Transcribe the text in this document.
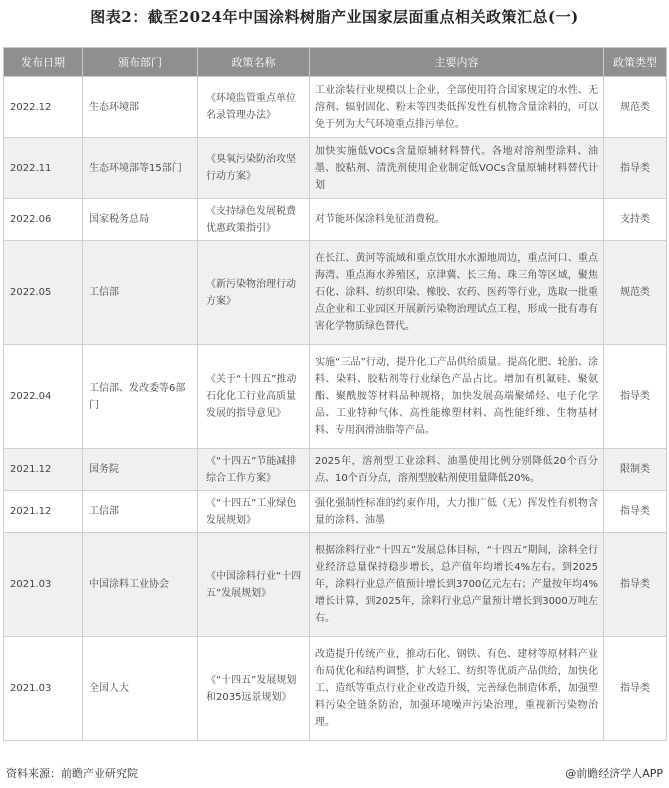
图表2：截至2024年中国涂料树脂产业国家层面重点相关政策汇总(一)
发布日期	颁布部门	政策名称	主要内容	政策类型
2022.12	生态环境部	《环境监管重点单位名录管理办法》	工业涂装行业规模以上企业，全部使用符合国家规定的水性、无溶剂、辐射固化、粉末等四类低挥发性有机物含量涂料的，可以免于列为大气环境重点排污单位。	规范类
2022.11	生态环境部等15部门	《臭氧污染防治攻坚行动方案》	加快实施低VOCs含量原辅材料替代。各地对溶剂型涂料、油墨、胶粘剂、清洗剂使用企业制定低VOCs含量原辅材料替代计划	指导类
2022.06	国家税务总局	《支持绿色发展税费优惠政策指引》	对节能环保涂料免征消费税。	支持类
2022.05	工信部	《新污染物治理行动方案》	在长江、黄河等流域和重点饮用水水源地周边，重点河口、重点海湾、重点海水养殖区，京津冀、长三角、珠三角等区域，聚焦石化、涂料、纺织印染、橡胶、农药、医药等行业，选取一批重点企业和工业园区开展新污染物治理试点工程，形成一批有毒有害化学物质绿色替代。	规范类
2022.04	工信部、发改委等6部门	《关于“十四五”推动石化化工行业高质量发展的指导意见》	实施“三品”行动，提升化工产品供给质量。提高化肥、轮胎、涂料、染料、胶粘剂等行业绿色产品占比。增加有机氟硅、聚氨酯、聚酰胺等材料品种规格，加快发展高端聚烯烃、电子化学品、工业特种气体、高性能橡塑材料、高性能纤维、生物基材料、专用润滑油脂等产品。	指导类
2021.12	国务院	《“十四五”节能减排综合工作方案》	2025年，溶剂型工业涂料、油墨使用比例分别降低20个百分点、10个百分点，溶剂型胶粘剂使用量降低20%。	限制类
2021.12	工信部	《“十四五”工业绿色发展规划》	强化强制性标准的约束作用，大力推广低（无）挥发性有机物含量的涂料、油墨	指导类
2021.03	中国涂料工业协会	《中国涂料行业“十四五”发展规划》	根据涂料行业“十四五”发展总体目标，“十四五”期间，涂料全行业经济总量保持稳步增长，总产值年均增长4%左右。到2025年，涂料行业总产值预计增长到3700亿元左右；产量按年均4%增长计算，到2025年，涂料行业总产量预计增长到3000万吨左右。	指导类
2021.03	全国人大	《“十四五”发展规划和2035远景规划》	改造提升传统产业，推动石化、钢铁、有色、建材等原材料产业布局优化和结构调整，扩大轻工、纺织等优质产品供给，加快化工、造纸等重点行业企业改造升级，完善绿色制造体系，加强塑料污染全链条防治，加强环境噪声污染治理，重视新污染物治理。	指导类
资料来源：前瞻产业研究院	@前瞻经济学人APP
